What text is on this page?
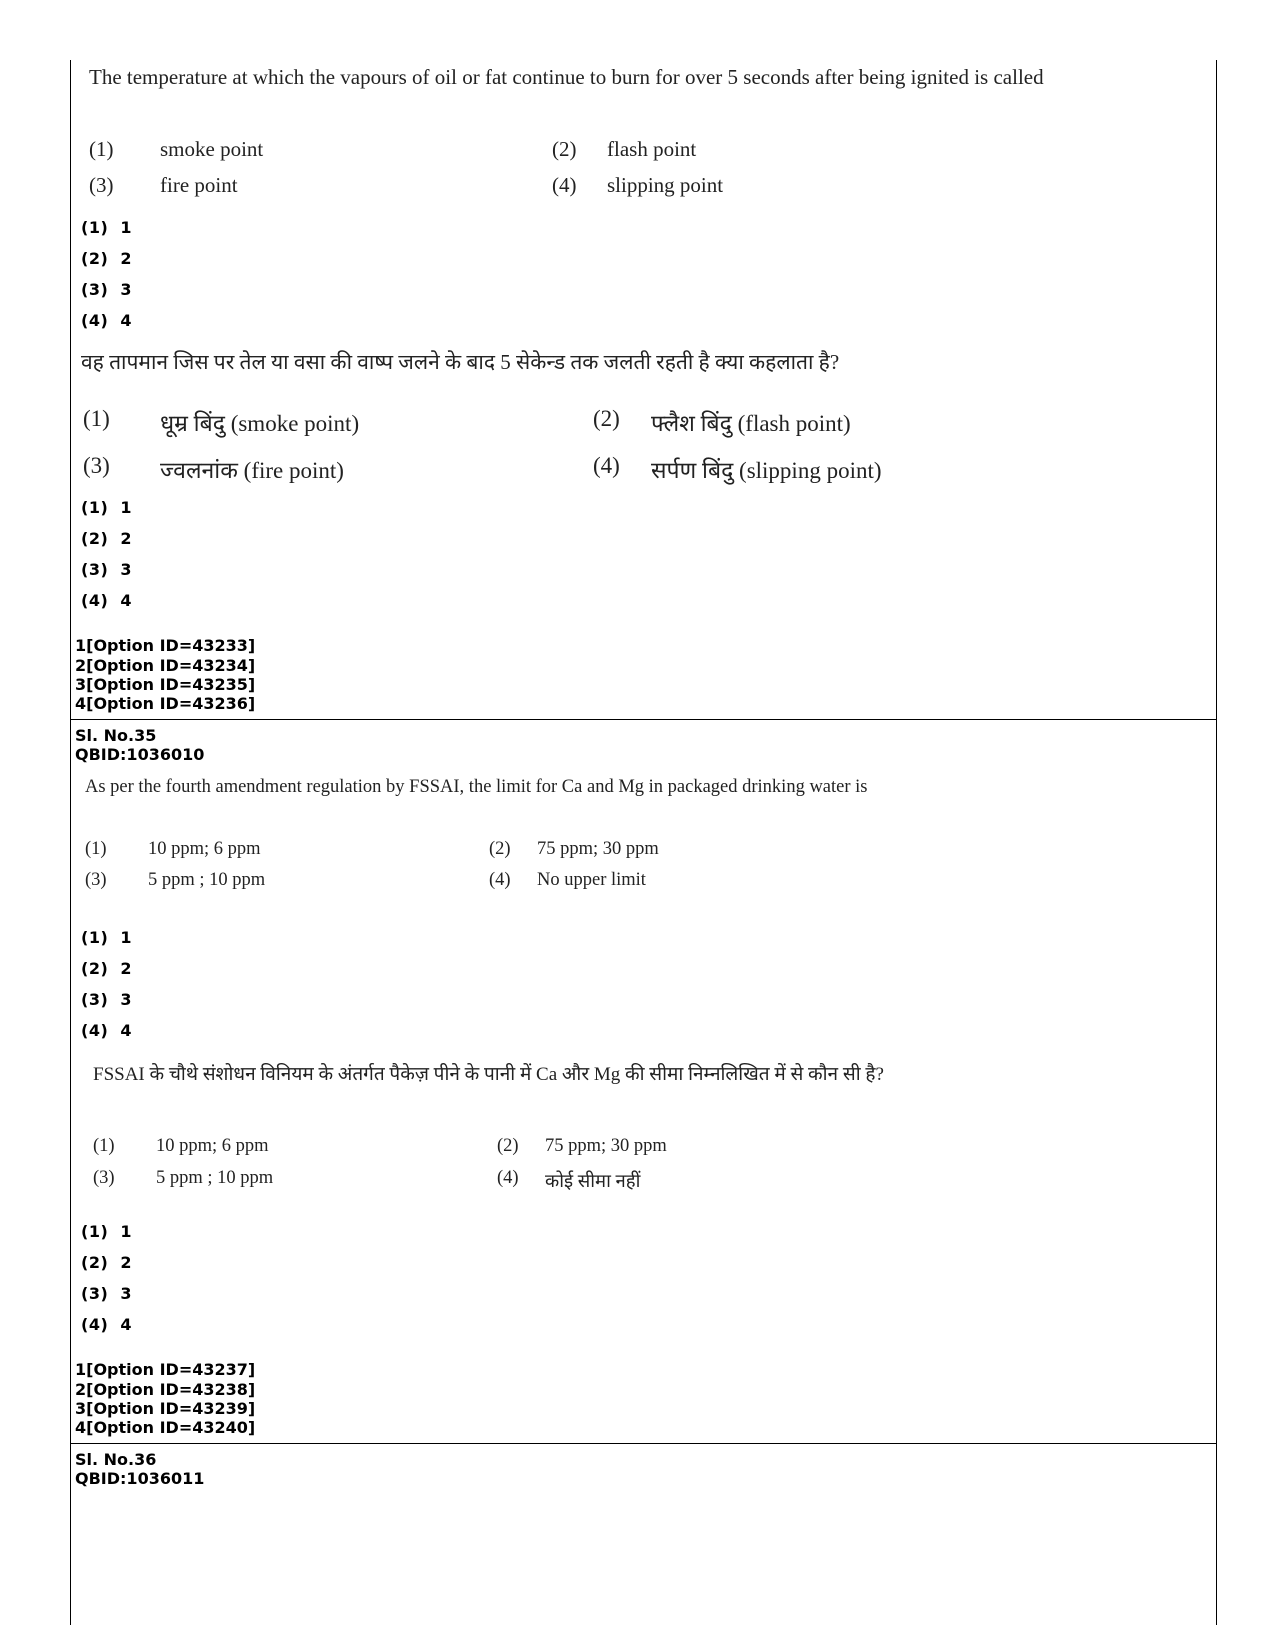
The temperature at which the vapours of oil or fat continue to burn for over 5 seconds after being ignited is called
(1) smoke point	(2) flash point
(3) fire point	(4) slipping point
(1)  1
(2)  2
(3)  3
(4)  4
वह तापमान जिस पर तेल या वसा की वाष्प जलने के बाद 5 सेकेन्ड तक जलती रहती है क्या कहलाता है?
(1) धूम्र बिंदु (smoke point)	(2) फ्लैश बिंदु (flash point)
(3) ज्वलनांक (fire point)	(4) सर्पण बिंदु (slipping point)
(1)  1
(2)  2
(3)  3
(4)  4
1[Option ID=43233]
2[Option ID=43234]
3[Option ID=43235]
4[Option ID=43236]
Sl. No.35
QBID:1036010
As per the fourth amendment regulation by FSSAI, the limit for Ca and Mg in packaged drinking water is
(1) 10 ppm; 6 ppm	(2) 75 ppm; 30 ppm
(3) 5 ppm ; 10 ppm	(4) No upper limit
(1)  1
(2)  2
(3)  3
(4)  4
FSSAI के चौथे संशोधन विनियम के अंतर्गत पैकेज़ पीने के पानी में Ca और Mg की सीमा निम्नलिखित में से कौन सी है?
(1) 10 ppm; 6 ppm	(2) 75 ppm; 30 ppm
(3) 5 ppm ; 10 ppm	(4) कोई सीमा नहीं
(1)  1
(2)  2
(3)  3
(4)  4
1[Option ID=43237]
2[Option ID=43238]
3[Option ID=43239]
4[Option ID=43240]
Sl. No.36
QBID:1036011
